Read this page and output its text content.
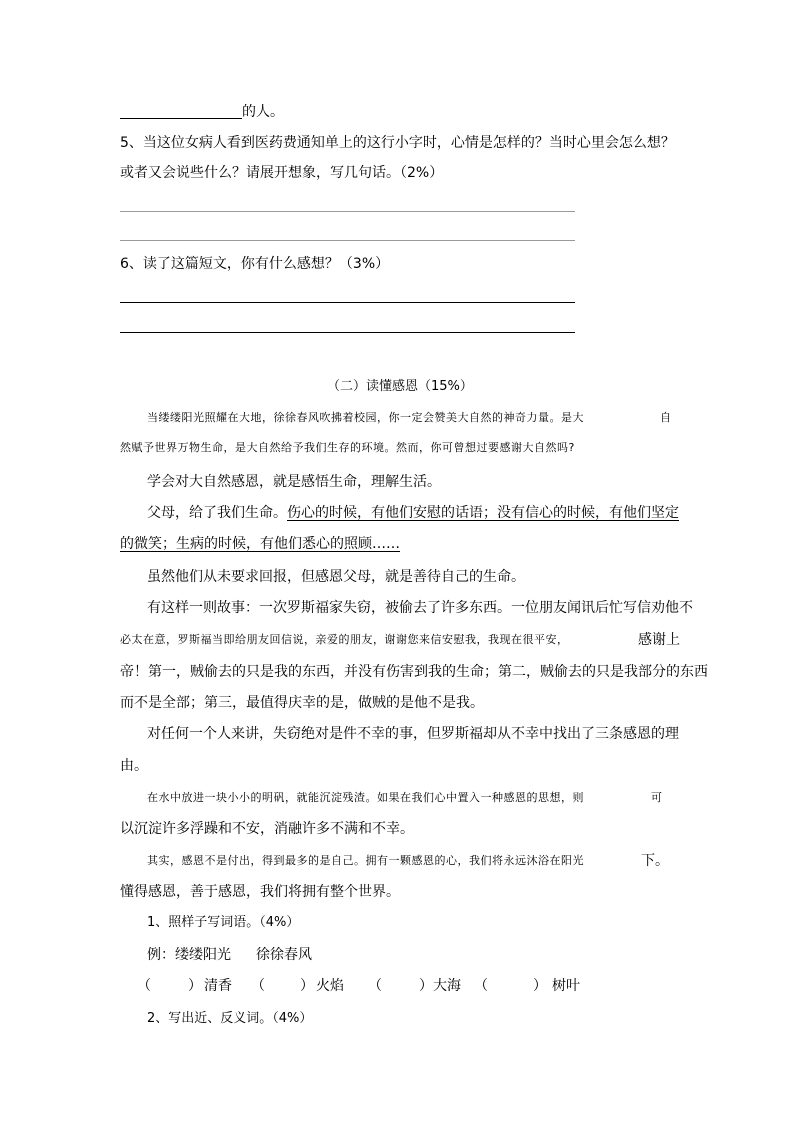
的人。
5、当这位女病人看到医药费通知单上的这行小字时，心情是怎样的？当时心里会怎么想？
或者又会说些什么？请展开想象，写几句话。（2%）
6、读了这篇短文，你有什么感想？（3%）
（二）读懂感恩（15%）
当缕缕阳光照耀在大地，徐徐春风吹拂着校园，你一定会赞美大自然的神奇力量。是大	自
然赋予世界万物生命，是大自然给予我们生存的环境。然而，你可曾想过要感谢大自然吗?
学会对大自然感恩，就是感悟生命，理解生活。
父母，给了我们生命。伤心的时候，有他们安慰的话语；没有信心的时候，有他们坚定
的微笑；生病的时候，有他们悉心的照顾……
虽然他们从未要求回报，但感恩父母，就是善待自己的生命。
有这样一则故事：一次罗斯福家失窃，被偷去了许多东西。一位朋友闻讯后忙写信劝他不
必太在意，罗斯福当即给朋友回信说，亲爱的朋友，谢谢您来信安慰我，我现在很平安，	感谢上
帝！第一，贼偷去的只是我的东西，并没有伤害到我的生命；第二，贼偷去的只是我部分的东西
而不是全部；第三，最值得庆幸的是，做贼的是他不是我。
对任何一个人来讲，失窃绝对是件不幸的事，但罗斯福却从不幸中找出了三条感恩的理
由。
在水中放进一块小小的明矾，就能沉淀残渣。如果在我们心中置入一种感恩的思想，则	可
以沉淀许多浮躁和不安，消融许多不满和不幸。
其实，感恩不是付出，得到最多的是自己。拥有一颗感恩的心，我们将永远沐浴在阳光	下。
懂得感恩，善于感恩，我们将拥有整个世界。
1、照样子写词语。（4%）
例：缕缕阳光 徐徐春风
（	） 清香 （	） 火焰 （	） 大海 （	） 树叶
2、写出近、反义词。（4%）
